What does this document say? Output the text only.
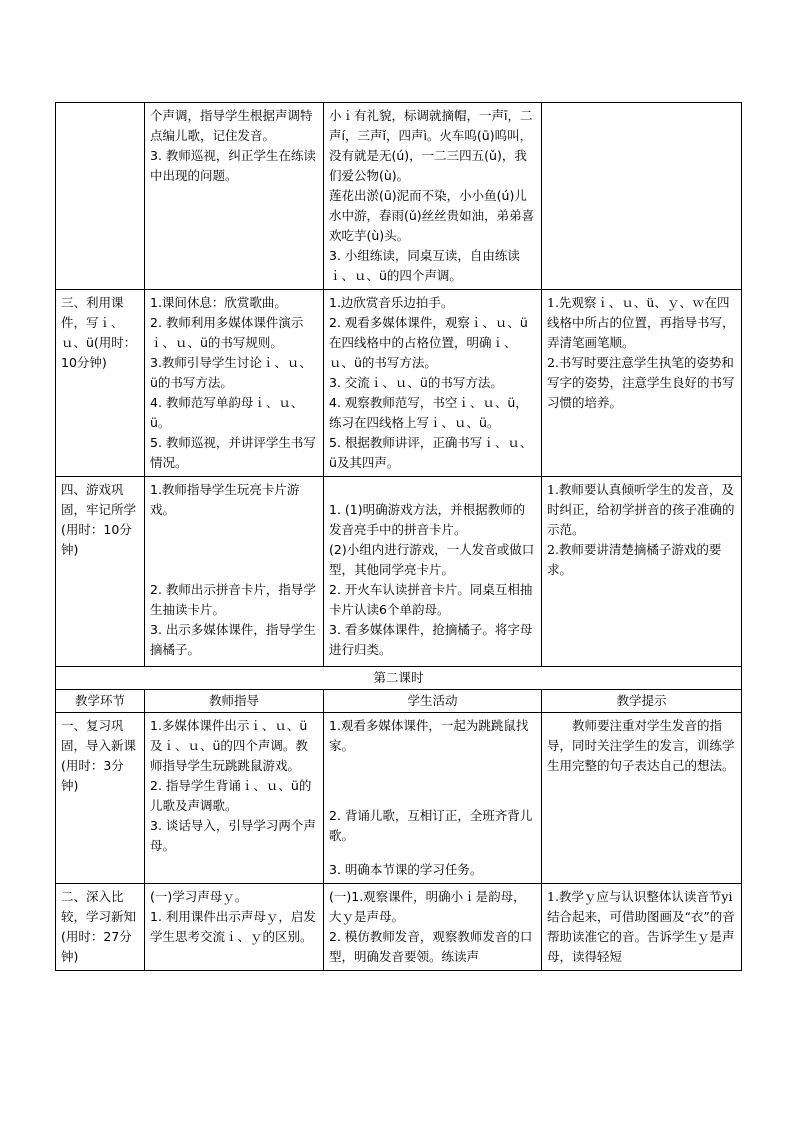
	个声调，指导学生根据声调特点编儿歌，记住发音。
3. 教师巡视，纠正学生在练读中出现的问题。	小ｉ有礼貌，标调就摘帽，一声ī，二声í，三声ǐ，四声ì。火车呜(ū)呜叫，没有就是无(ú)，一二三四五(ǔ)，我们爱公物(ù)。
莲花出淤(ū)泥而不染，小小鱼(ú)儿水中游，春雨(ǔ)丝丝贵如油，弟弟喜欢吃芋(ù)头。
3. 小组练读，同桌互读，自由练读ｉ、ｕ、ü的四个声调。	

三、利用课件，写ｉ、ｕ、ü(用时：10分钟)	1.课间休息：欣赏歌曲。
2. 教师利用多媒体课件演示ｉ、ｕ、ü的书写规则。
3.教师引导学生讨论ｉ、ｕ、ü的书写方法。
4. 教师范写单韵母ｉ、ｕ、ü。
5. 教师巡视，并讲评学生书写情况。	1.边欣赏音乐边拍手。
2. 观看多媒体课件，观察ｉ、ｕ、ü在四线格中的占格位置，明确ｉ、ｕ、ü的书写方法。
3. 交流ｉ、ｕ、ü的书写方法。
4. 观察教师范写，书空ｉ、ｕ、ü，练习在四线格上写ｉ、ｕ、ü。
5. 根据教师讲评，正确书写ｉ、ｕ、ü及其四声。	1.先观察ｉ、ｕ、ü、ｙ、ｗ在四线格中所占的位置，再指导书写，弄清笔画笔顺。
2.书写时要注意学生执笔的姿势和写字的姿势，注意学生良好的书写习惯的培养。

四、游戏巩固，牢记所学(用时：10分钟)	1.教师指导学生玩亮卡片游戏。
2. 教师出示拼音卡片，指导学生抽读卡片。
3. 出示多媒体课件，指导学生摘橘子。	1. (1)明确游戏方法，并根据教师的发音亮手中的拼音卡片。
(2)小组内进行游戏，一人发音或做口型，其他同学亮卡片。
2. 开火车认读拼音卡片。同桌互相抽卡片认读6个单韵母。
3. 看多媒体课件，抢摘橘子。将字母进行归类。	1.教师要认真倾听学生的发音，及时纠正，给初学拼音的孩子准确的示范。
2.教师要讲清楚摘橘子游戏的要求。

第二课时			
教学环节	教师指导	学生活动	教学提示
一、复习巩固，导入新课(用时：3分钟)	1.多媒体课件出示ｉ、ｕ、ü及ｉ、ｕ、ü的四个声调。教师指导学生玩跳跳鼠游戏。
2. 指导学生背诵ｉ、ｕ、ü的儿歌及声调歌。
3. 谈话导入，引导学习两个声母。	1.观看多媒体课件，一起为跳跳鼠找家。
2. 背诵儿歌，互相订正，全班齐背儿歌。
3. 明确本节课的学习任务。	教师要注重对学生发音的指导，同时关注学生的发言，训练学生用完整的句子表达自己的想法。

二、深入比较，学习新知(用时：27分钟)	(一)学习声母ｙ。
1. 利用课件出示声母ｙ，启发学生思考交流ｉ、ｙ的区别。	(一)1.观察课件，明确小ｉ是韵母，大ｙ是声母。
2. 模仿教师发音，观察教师发音的口型，明确发音要领。练读声	1.教学ｙ应与认识整体认读音节yi结合起来，可借助图画及“衣”的音帮助读准它的音。告诉学生ｙ是声母，读得轻短
